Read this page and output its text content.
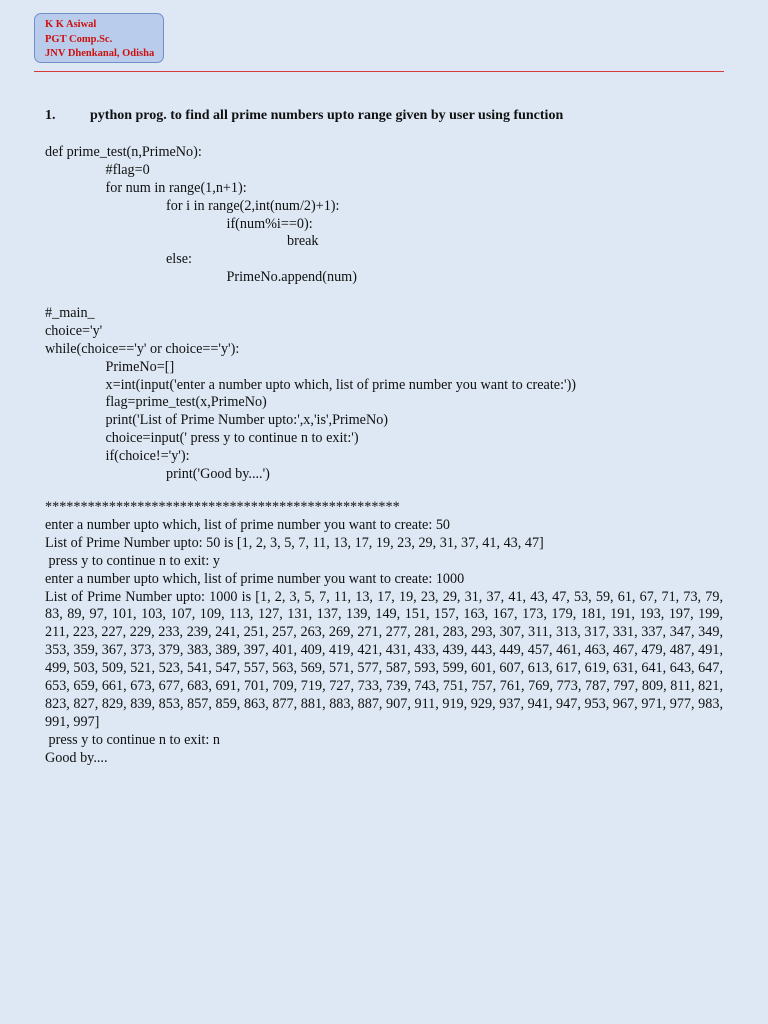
K K Asiwal
PGT Comp.Sc.
JNV Dhenkanal, Odisha
1. python prog. to find all prime numbers upto range given by user using function
def prime_test(n,PrimeNo):
#flag=0
for num in range(1,n+1):
for i in range(2,int(num/2)+1):
if(num%i==0):
break
else:
PrimeNo.append(num)
#_main_
choice='y'
while(choice=='y' or choice=='y'):
PrimeNo=[]
x=int(input('enter a number upto which, list of prime number you want to create:'))
flag=prime_test(x,PrimeNo)
print('List of Prime Number upto:',x,'is',PrimeNo)
choice=input(' press y to continue n to exit:')
if(choice!='y'):
print('Good by....')
**************************************************
enter a number upto which, list of prime number you want to create: 50
List of Prime Number upto: 50 is [1, 2, 3, 5, 7, 11, 13, 17, 19, 23, 29, 31, 37, 41, 43, 47]
press y to continue n to exit: y
enter a number upto which, list of prime number you want to create: 1000
List of Prime Number upto: 1000 is [1, 2, 3, 5, 7, 11, 13, 17, 19, 23, 29, 31, 37, 41, 43, 47, 53, 59, 61, 67, 71, 73, 79, 83, 89, 97, 101, 103, 107, 109, 113, 127, 131, 137, 139, 149, 151, 157, 163, 167, 173, 179, 181, 191, 193, 197, 199, 211, 223, 227, 229, 233, 239, 241, 251, 257, 263, 269, 271, 277, 281, 283, 293, 307, 311, 313, 317, 331, 337, 347, 349, 353, 359, 367, 373, 379, 383, 389, 397, 401, 409, 419, 421, 431, 433, 439, 443, 449, 457, 461, 463, 467, 479, 487, 491, 499, 503, 509, 521, 523, 541, 547, 557, 563, 569, 571, 577, 587, 593, 599, 601, 607, 613, 617, 619, 631, 641, 643, 647, 653, 659, 661, 673, 677, 683, 691, 701, 709, 719, 727, 733, 739, 743, 751, 757, 761, 769, 773, 787, 797, 809, 811, 821, 823, 827, 829, 839, 853, 857, 859, 863, 877, 881, 883, 887, 907, 911, 919, 929, 937, 941, 947, 953, 967, 971, 977, 983, 991, 997]
press y to continue n to exit: n
Good by....
